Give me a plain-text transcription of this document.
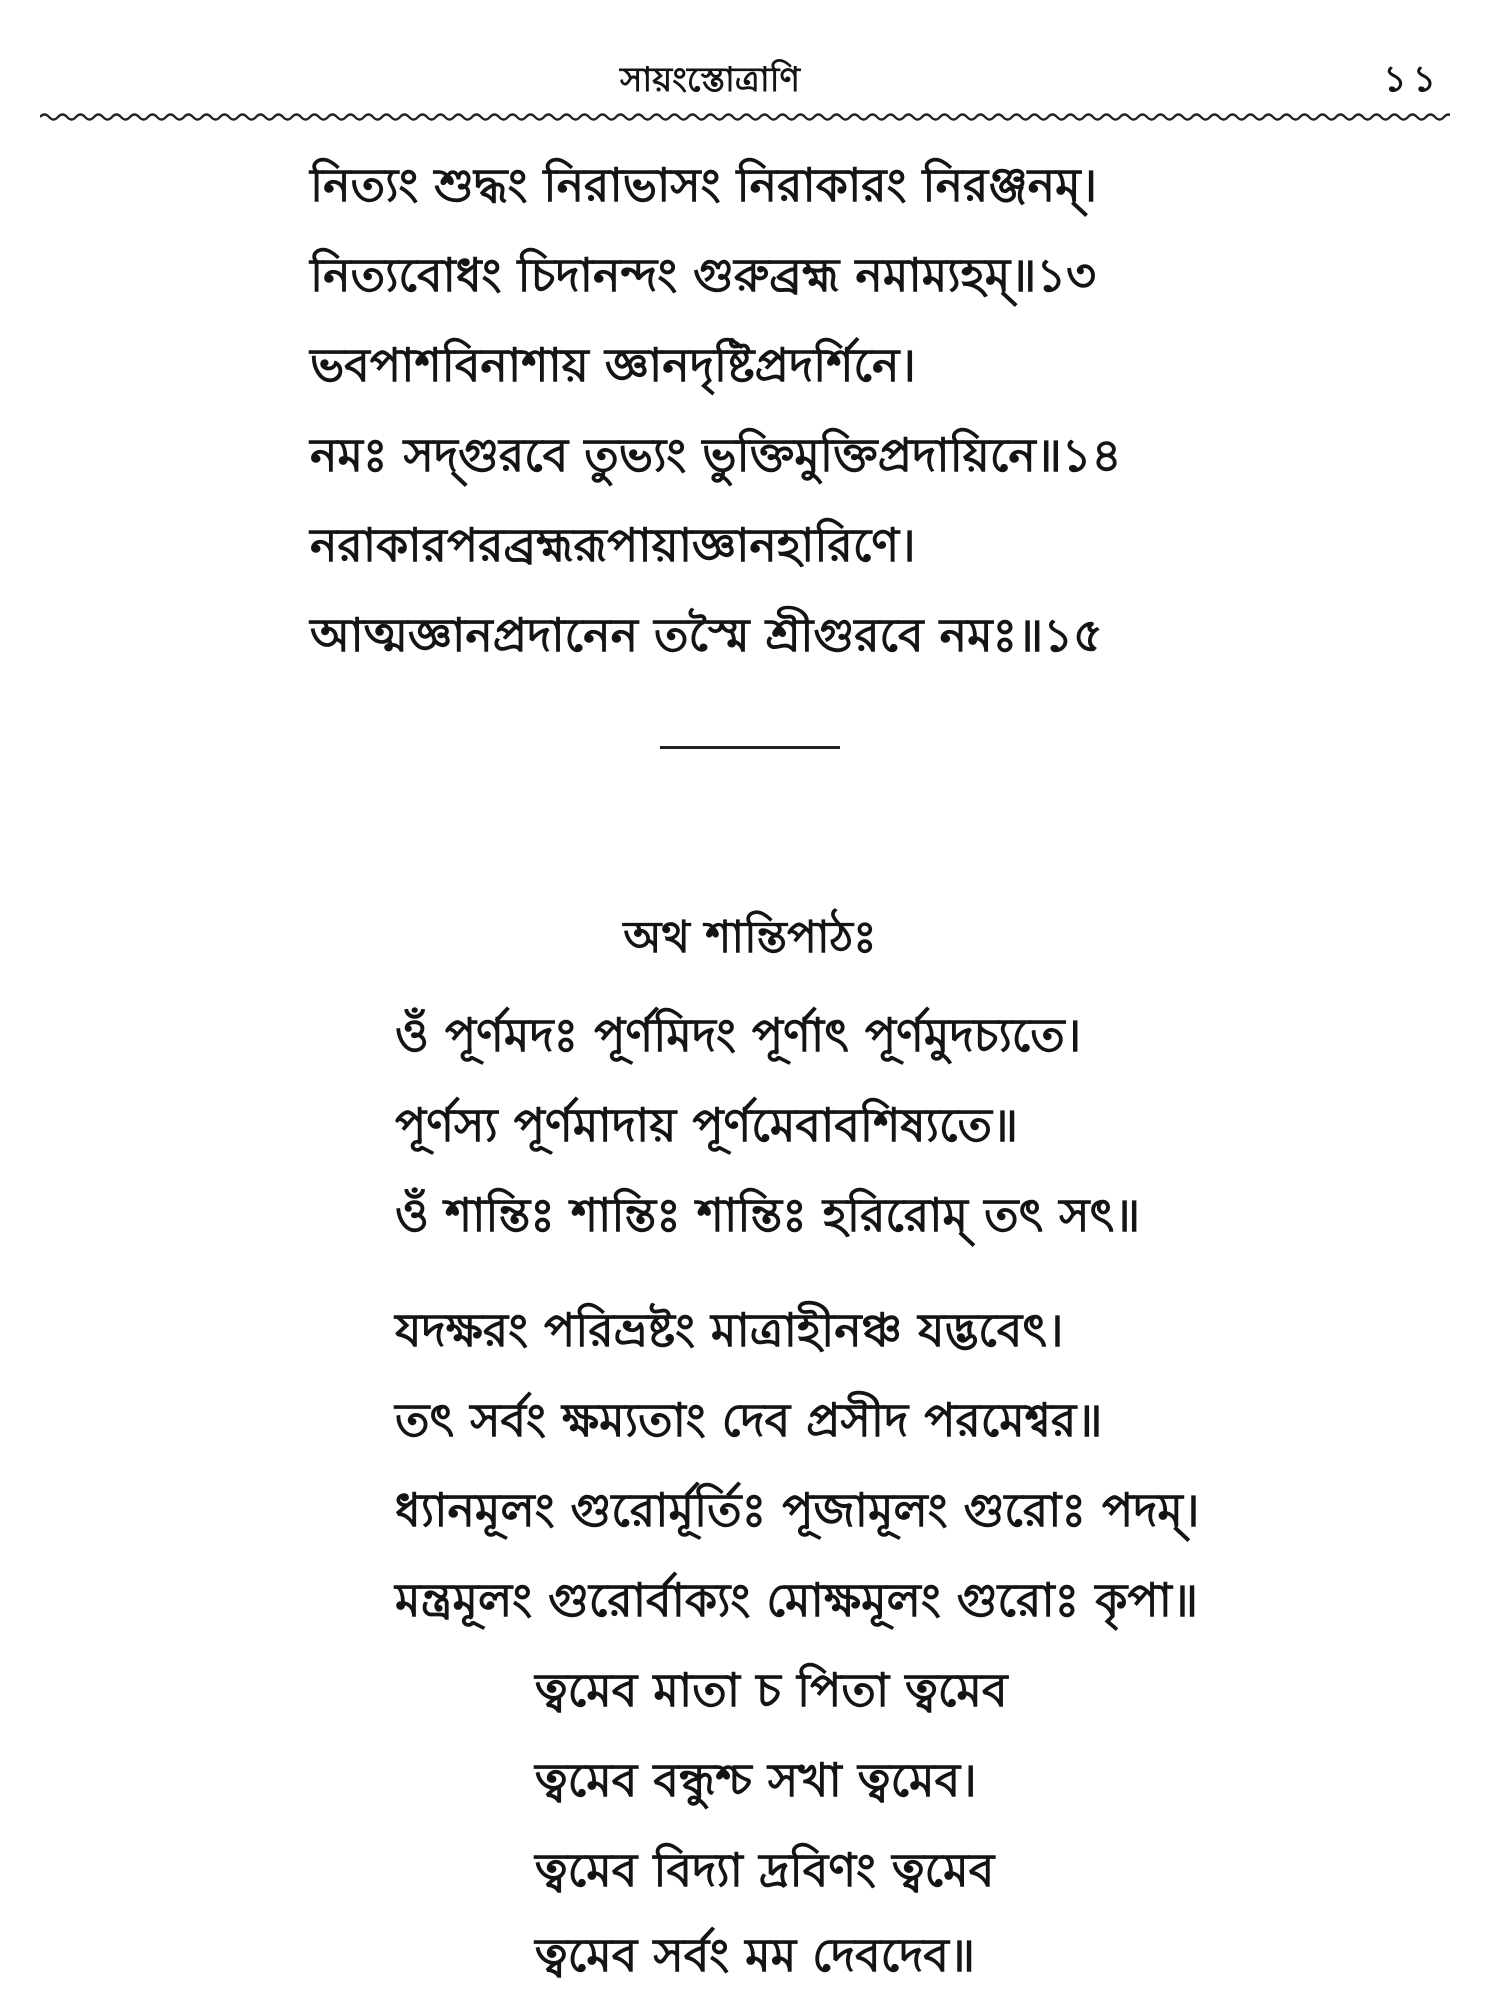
সায়ংস্তোত্রাণি	১১

নিত্যং শুদ্ধং নিরাভাসং নিরাকারং নিরঞ্জনম্।

নিত্যবোধং চিদানন্দং গুরুব্রহ্ম নমাম্যহম্॥১৩

ভবপাশবিনাশায় জ্ঞানদৃষ্টিপ্রদর্শিনে।

নমঃ সদ্গুরবে তুভ্যং ভুক্তিমুক্তিপ্রদায়িনে॥১৪

নরাকারপরব্রহ্মরূপায়াজ্ঞানহারিণে।

আত্মজ্ঞানপ্রদানেন তস্মৈ শ্রীগুরবে নমঃ॥১৫

অথ শান্তিপাঠঃ

ওঁ পূর্ণমদঃ পূর্ণমিদং পূর্ণাৎ পূর্ণমুদচ্যতে।

পূর্ণস্য পূর্ণমাদায় পূর্ণমেবাবশিষ্যতে॥

ওঁ শান্তিঃ শান্তিঃ শান্তিঃ হরিরোম্ তৎ সৎ॥

যদক্ষরং পরিভ্রষ্টং মাত্রাহীনঞ্চ যদ্ভবেৎ।

তৎ সর্বং ক্ষম্যতাং দেব প্রসীদ পরমেশ্বর॥

ধ্যানমূলং গুরোর্মূর্তিঃ পূজামূলং গুরোঃ পদম্।

মন্ত্রমূলং গুরোর্বাক্যং মোক্ষমূলং গুরোঃ কৃপা॥

ত্বমেব মাতা চ পিতা ত্বমেব

ত্বমেব বন্ধুশ্চ সখা ত্বমেব।

ত্বমেব বিদ্যা দ্রবিণং ত্বমেব

ত্বমেব সর্বং মম দেবদেব॥
